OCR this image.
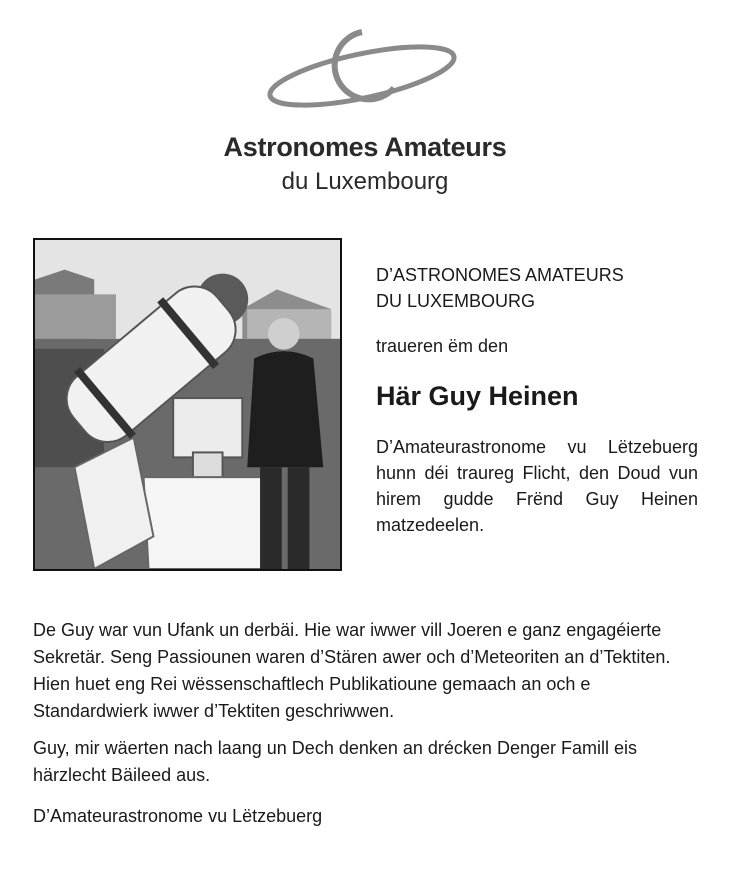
Astronomes Amateurs
du Luxembourg

D’ASTRONOMES AMATEURS

DU LUXEMBOURG

traueren ëm den

Här Guy Heinen

D’Amateurastronome vu Lëtzebuerg hunn déi traureg Flicht, den Doud vun hirem gudde Frënd Guy Heinen matzedeelen.

De Guy war vun Ufank un derbäi. Hie war iwwer vill Joeren e ganz engagéierte Sekretär. Seng Passiounen waren d’Stären awer och d’Meteoriten an d’Tektiten. Hien huet eng Rei wëssenschaftlech Publikatioune gemaach an och e Standardwierk iwwer d’Tektiten geschriwwen.

Guy, mir wäerten nach laang un Dech denken an drécken Denger Famill eis härzlecht Bäileed aus.

D’Amateurastronome vu Lëtzebuerg
